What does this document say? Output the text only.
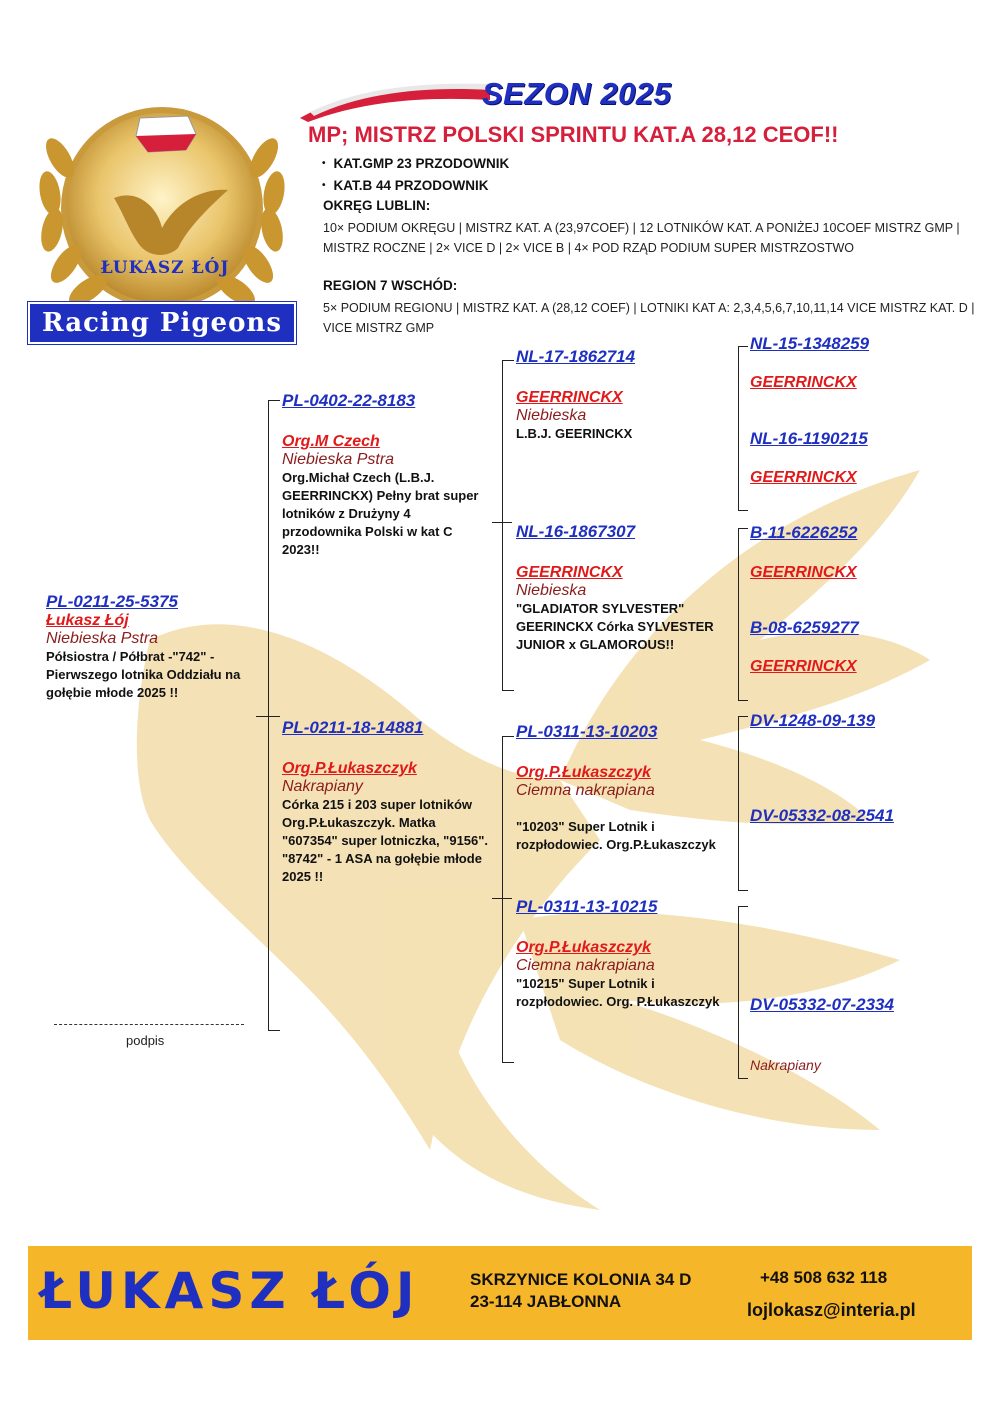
ŁUKASZ ŁÓJ
Racing Pigeons
SEZON 2025
MP; MISTRZ POLSKI SPRINTU KAT.A 28,12 CEOF!!
• KAT.GMP 23 PRZODOWNIK
• KAT.B 44 PRZODOWNIK
OKRĘG LUBLIN:
10× PODIUM OKRĘGU | MISTRZ KAT. A (23,97COEF) | 12 LOTNIKÓW KAT. A PONIŻEJ 10COEF MISTRZ GMP | MISTRZ ROCZNE | 2× VICE D | 2× VICE B | 4× POD RZĄD PODIUM SUPER MISTRZOSTWO
REGION 7 WSCHÓD:
5× PODIUM REGIONU | MISTRZ KAT. A (28,12 COEF) | LOTNIKI KAT A: 2,3,4,5,6,7,10,11,14 VICE MISTRZ KAT. D | VICE MISTRZ GMP
PL-0211-25-5375
Łukasz Łój
Niebieska Pstra
Półsiostra / Półbrat -"742" - Pierwszego lotnika Oddziału na gołębie młode 2025 !!
PL-0402-22-8183
Org.M Czech
Niebieska Pstra
Org.Michał Czech (L.B.J. GEERRINCKX) Pełny brat super lotników z Drużyny 4 przodownika Polski w kat C 2023!!
PL-0211-18-14881
Org.P.Łukaszczyk
Nakrapiany
Córka 215 i 203 super lotników Org.P.Łukaszczyk. Matka "607354" super lotniczka, "9156". "8742" - 1 ASA na gołębie młode 2025 !!
NL-17-1862714
GEERRINCKX
Niebieska
L.B.J. GEERINCKX
NL-16-1867307
GEERRINCKX
Niebieska
"GLADIATOR SYLVESTER" GEERINCKX Córka SYLVESTER JUNIOR x GLAMOROUS!!
PL-0311-13-10203
Org.P.Łukaszczyk
Ciemna nakrapiana
"10203" Super Lotnik i rozpłodowiec. Org.P.Łukaszczyk
PL-0311-13-10215
Org.P.Łukaszczyk
Ciemna nakrapiana
"10215" Super Lotnik i rozpłodowiec. Org. P.Łukaszczyk
NL-15-1348259
GEERRINCKX
NL-16-1190215
GEERRINCKX
B-11-6226252
GEERRINCKX
B-08-6259277
GEERRINCKX
DV-1248-09-139
DV-05332-08-2541
DV-05332-07-2334
Nakrapiany
podpis
ŁUKASZ ŁÓJ	SKRZYNICE KOLONIA 34 D
23-114 JABŁONNA
+48 508 632 118
lojlokasz@interia.pl
